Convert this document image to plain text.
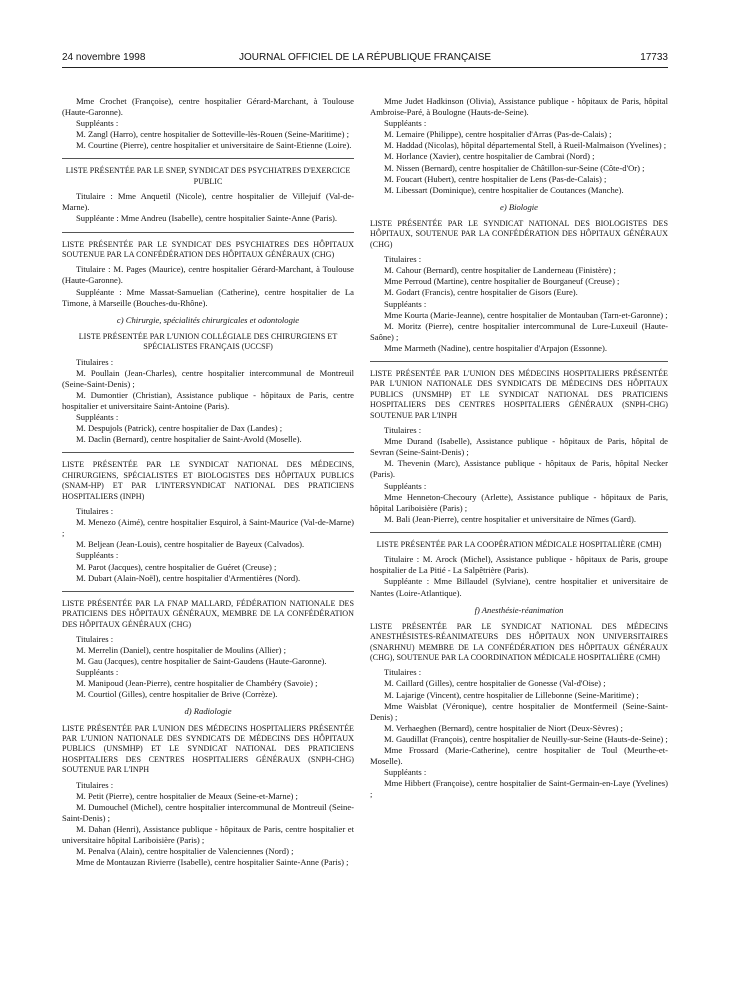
24 novembre 1998	JOURNAL OFFICIEL DE LA RÉPUBLIQUE FRANÇAISE	17733

Mme Crochet (Françoise), centre hospitalier Gérard-Marchant, à Toulouse (Haute-Garonne).

Suppléants :

M. Zangl (Harro), centre hospitalier de Sotteville-lès-Rouen (Seine-Maritime) ;

M. Courtine (Pierre), centre hospitalier et universitaire de Saint-Etienne (Loire).

LISTE PRÉSENTÉE PAR LE SNEP, SYNDICAT DES PSYCHIATRES D'EXERCICE PUBLIC

Titulaire : Mme Anquetil (Nicole), centre hospitalier de Villejuif (Val-de-Marne).

Suppléante : Mme Andreu (Isabelle), centre hospitalier Sainte-Anne (Paris).

LISTE PRÉSENTÉE PAR LE SYNDICAT DES PSYCHIATRES DES HÔPITAUX SOUTENUE PAR LA CONFÉDÉRATION DES HÔPITAUX GÉNÉRAUX (CHG)

Titulaire : M. Pages (Maurice), centre hospitalier Gérard-Marchant, à Toulouse (Haute-Garonne).

Suppléante : Mme Massat-Samuelian (Catherine), centre hospitalier de La Timone, à Marseille (Bouches-du-Rhône).

c) Chirurgie, spécialités chirurgicales et odontologie

LISTE PRÉSENTÉE PAR L'UNION COLLÉGIALE DES CHIRURGIENS ET SPÉCIALISTES FRANÇAIS (UCCSF)

Titulaires :

M. Poullain (Jean-Charles), centre hospitalier intercommunal de Montreuil (Seine-Saint-Denis) ;

M. Dumontier (Christian), Assistance publique - hôpitaux de Paris, centre hospitalier et universitaire Saint-Antoine (Paris).

Suppléants :

M. Despujols (Patrick), centre hospitalier de Dax (Landes) ;

M. Daclin (Bernard), centre hospitalier de Saint-Avold (Moselle).

LISTE PRÉSENTÉE PAR LE SYNDICAT NATIONAL DES MÉDECINS, CHIRURGIENS, SPÉCIALISTES ET BIOLOGISTES DES HÔPITAUX PUBLICS (SNAM-HP) ET PAR L'INTERSYNDICAT NATIONAL DES PRATICIENS HOSPITALIERS (INPH)

Titulaires :

M. Menezo (Aimé), centre hospitalier Esquirol, à Saint-Maurice (Val-de-Marne) ;

M. Beljean (Jean-Louis), centre hospitalier de Bayeux (Calvados).

Suppléants :

M. Parot (Jacques), centre hospitalier de Guéret (Creuse) ;

M. Dubart (Alain-Noël), centre hospitalier d'Armentières (Nord).

LISTE PRÉSENTÉE PAR LA FNAP MALLARD, FÉDÉRATION NATIONALE DES PRATICIENS DES HÔPITAUX GÉNÉRAUX, MEMBRE DE LA CONFÉDÉRATION DES HÔPITAUX GÉNÉRAUX (CHG)

Titulaires :

M. Merrelin (Daniel), centre hospitalier de Moulins (Allier) ;

M. Gau (Jacques), centre hospitalier de Saint-Gaudens (Haute-Garonne).

Suppléants :

M. Manipoud (Jean-Pierre), centre hospitalier de Chambéry (Savoie) ;

M. Courtiol (Gilles), centre hospitalier de Brive (Corrèze).

d) Radiologie

LISTE PRÉSENTÉE PAR L'UNION DES MÉDECINS HOSPITALIERS PRÉSENTÉE PAR L'UNION NATIONALE DES SYNDICATS DE MÉDECINS DES HÔPITAUX PUBLICS (UNSMHP) ET LE SYNDICAT NATIONAL DES PRATICIENS HOSPITALIERS DES CENTRES HOSPITALIERS GÉNÉRAUX (SNPH-CHG) SOUTENUE PAR L'INPH

Titulaires :

M. Petit (Pierre), centre hospitalier de Meaux (Seine-et-Marne) ;

M. Dumouchel (Michel), centre hospitalier intercommunal de Montreuil (Seine-Saint-Denis) ;

M. Dahan (Henri), Assistance publique - hôpitaux de Paris, centre hospitalier et universitaire hôpital Lariboisière (Paris) ;

M. Penalva (Alain), centre hospitalier de Valenciennes (Nord) ;

Mme de Montauzan Rivierre (Isabelle), centre hospitalier Sainte-Anne (Paris) ;

Mme Judet Hadkinson (Olivia), Assistance publique - hôpitaux de Paris, hôpital Ambroise-Paré, à Boulogne (Hauts-de-Seine).

Suppléants :

M. Lemaire (Philippe), centre hospitalier d'Arras (Pas-de-Calais) ;

M. Haddad (Nicolas), hôpital départemental Stell, à Rueil-Malmaison (Yvelines) ;

M. Horlance (Xavier), centre hospitalier de Cambrai (Nord) ;

M. Nissen (Bernard), centre hospitalier de Châtillon-sur-Seine (Côte-d'Or) ;

M. Foucart (Hubert), centre hospitalier de Lens (Pas-de-Calais) ;

M. Libessart (Dominique), centre hospitalier de Coutances (Manche).

e) Biologie

LISTE PRÉSENTÉE PAR LE SYNDICAT NATIONAL DES BIOLOGISTES DES HÔPITAUX, SOUTENUE PAR LA CONFÉDÉRATION DES HÔPITAUX GÉNÉRAUX (CHG)

Titulaires :

M. Cahour (Bernard), centre hospitalier de Landerneau (Finistère) ;

Mme Perroud (Martine), centre hospitalier de Bourganeuf (Creuse) ;

M. Godart (Francis), centre hospitalier de Gisors (Eure).

Suppléants :

Mme Kourta (Marie-Jeanne), centre hospitalier de Montauban (Tarn-et-Garonne) ;

M. Moritz (Pierre), centre hospitalier intercommunal de Lure-Luxeuil (Haute-Saône) ;

Mme Marmeth (Nadine), centre hospitalier d'Arpajon (Essonne).

LISTE PRÉSENTÉE PAR L'UNION DES MÉDECINS HOSPITALIERS PRÉSENTÉE PAR L'UNION NATIONALE DES SYNDICATS DE MÉDECINS DES HÔPITAUX PUBLICS (UNSMHP) ET LE SYNDICAT NATIONAL DES PRATICIENS HOSPITALIERS DES CENTRES HOSPITALIERS GÉNÉRAUX (SNPH-CHG) SOUTENUE PAR L'INPH

Titulaires :

Mme Durand (Isabelle), Assistance publique - hôpitaux de Paris, hôpital de Sevran (Seine-Saint-Denis) ;

M. Thevenin (Marc), Assistance publique - hôpitaux de Paris, hôpital Necker (Paris).

Suppléants :

Mme Henneton-Checoury (Arlette), Assistance publique - hôpitaux de Paris, hôpital Lariboisière (Paris) ;

M. Bali (Jean-Pierre), centre hospitalier et universitaire de Nîmes (Gard).

LISTE PRÉSENTÉE PAR LA COOPÉRATION MÉDICALE HOSPITALIÈRE (CMH)

Titulaire : M. Arock (Michel), Assistance publique - hôpitaux de Paris, groupe hospitalier de La Pitié - La Salpêtrière (Paris).

Suppléante : Mme Billaudel (Sylviane), centre hospitalier et universitaire de Nantes (Loire-Atlantique).

f) Anesthésie-réanimation

LISTE PRÉSENTÉE PAR LE SYNDICAT NATIONAL DES MÉDECINS ANESTHÉSISTES-RÉANIMATEURS DES HÔPITAUX NON UNIVERSITAIRES (SNARHNU) MEMBRE DE LA CONFÉDÉRATION DES HÔPITAUX GÉNÉRAUX (CHG), SOUTENUE PAR LA COORDINATION MÉDICALE HOSPITALIÈRE (CMH)

Titulaires :

M. Caillard (Gilles), centre hospitalier de Gonesse (Val-d'Oise) ;

M. Lajarige (Vincent), centre hospitalier de Lillebonne (Seine-Maritime) ;

Mme Waisblat (Véronique), centre hospitalier de Montfermeil (Seine-Saint-Denis) ;

M. Verhaeghen (Bernard), centre hospitalier de Niort (Deux-Sèvres) ;

M. Gaudillat (François), centre hospitalier de Neuilly-sur-Seine (Hauts-de-Seine) ;

Mme Frossard (Marie-Catherine), centre hospitalier de Toul (Meurthe-et-Moselle).

Suppléants :

Mme Hibbert (Françoise), centre hospitalier de Saint-Germain-en-Laye (Yvelines) ;
